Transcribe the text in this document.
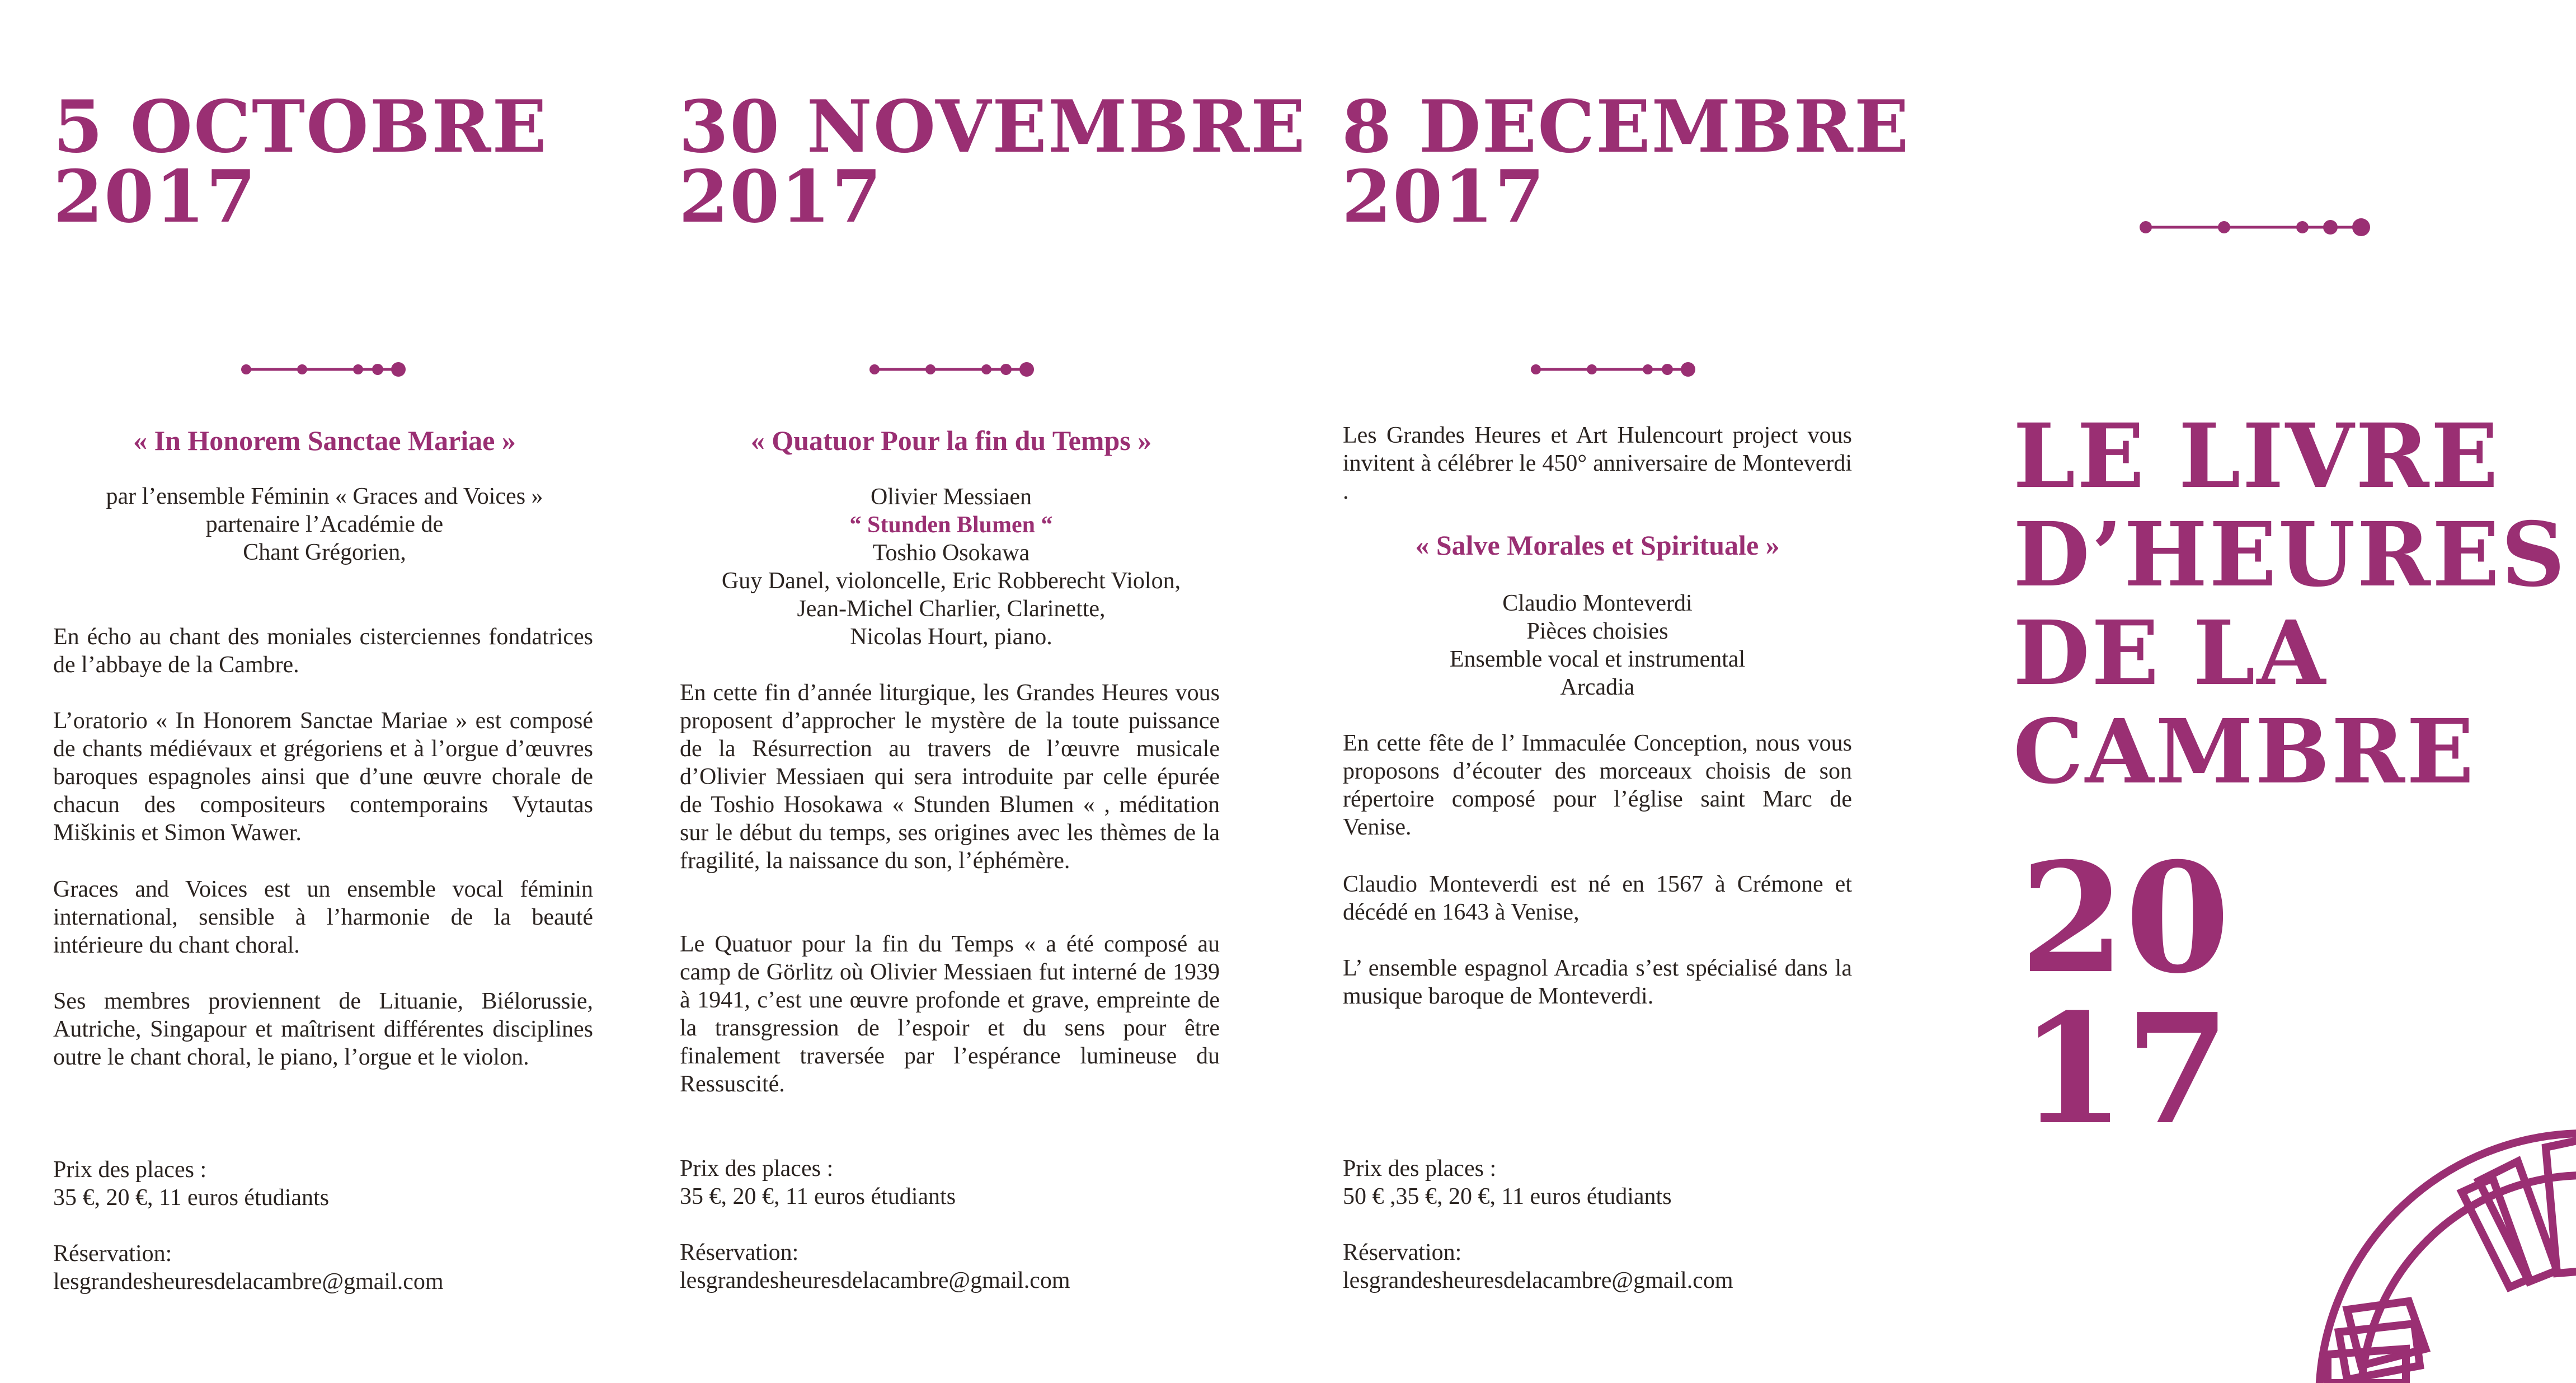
5 OCTOBRE
2017
« In Honorem Sanctae Mariae »
par l’ensemble Féminin « Graces and Voices »
partenaire l’Académie de
Chant Grégorien,
En écho au chant des moniales cisterciennes fondatrices de l’abbaye de la Cambre.
L’oratorio « In Honorem Sanctae Mariae » est composé de chants médiévaux et grégoriens et à l’orgue d’œuvres baroques espagnoles ainsi que d’une œuvre chorale de chacun des compositeurs contemporains Vytautas Miškinis et Simon Wawer.
Graces and Voices est un ensemble vocal féminin international, sensible à l’harmonie de la beauté intérieure du chant choral.
Ses membres proviennent de Lituanie, Biélorussie, Autriche, Singapour et maîtrisent différentes disciplines outre le chant choral, le piano, l’orgue et le violon.
Prix des places :
35 €, 20 €, 11 euros étudiants
Réservation:
lesgrandesheuresdelacambre@gmail.com
30 NOVEMBRE
2017
« Quatuor Pour la fin du Temps »
Olivier Messiaen
“ Stunden Blumen “
Toshio Osokawa
Guy Danel, violoncelle, Eric Robberecht Violon,
Jean-Michel Charlier, Clarinette,
Nicolas Hourt, piano.
En cette fin d’année liturgique, les Grandes Heures vous proposent d’approcher le mystère de la toute puissance de la Résurrection au travers de l’œuvre musicale d’Olivier Messiaen qui sera introduite par celle épurée de Toshio Hosokawa « Stunden Blumen « , méditation sur le début du temps, ses origines avec les thèmes de la fragilité, la naissance du son, l’éphémère.
Le Quatuor pour la fin du Temps « a été composé au camp de Görlitz où Olivier Messiaen fut interné de 1939 à 1941, c’est une œuvre profonde et grave, empreinte de la transgression de l’espoir et du sens pour être finalement traversée par l’espérance lumineuse du Ressuscité.
Prix des places :
35 €, 20 €, 11 euros étudiants
Réservation:
lesgrandesheuresdelacambre@gmail.com
8 DECEMBRE
2017
Les Grandes Heures et Art Hulencourt project vous invitent à célébrer le 450° anniversaire de Monteverdi .
« Salve Morales et Spirituale »
Claudio Monteverdi
Pièces choisies
Ensemble vocal et instrumental
Arcadia
En cette fête de l’ Immaculée Conception, nous vous proposons d’écouter des morceaux choisis de son répertoire composé pour l’église saint Marc de Venise.
Claudio Monteverdi est né en 1567 à Crémone et décédé en 1643 à Venise,
L’ ensemble espagnol Arcadia s’est spécialisé dans la musique baroque de Monteverdi.
Prix des places :
50 € ,35 €, 20 €, 11 euros étudiants
Réservation:
lesgrandesheuresdelacambre@gmail.com
LE LIVRE
D’HEURES
DE LA
CAMBRE
20
17
